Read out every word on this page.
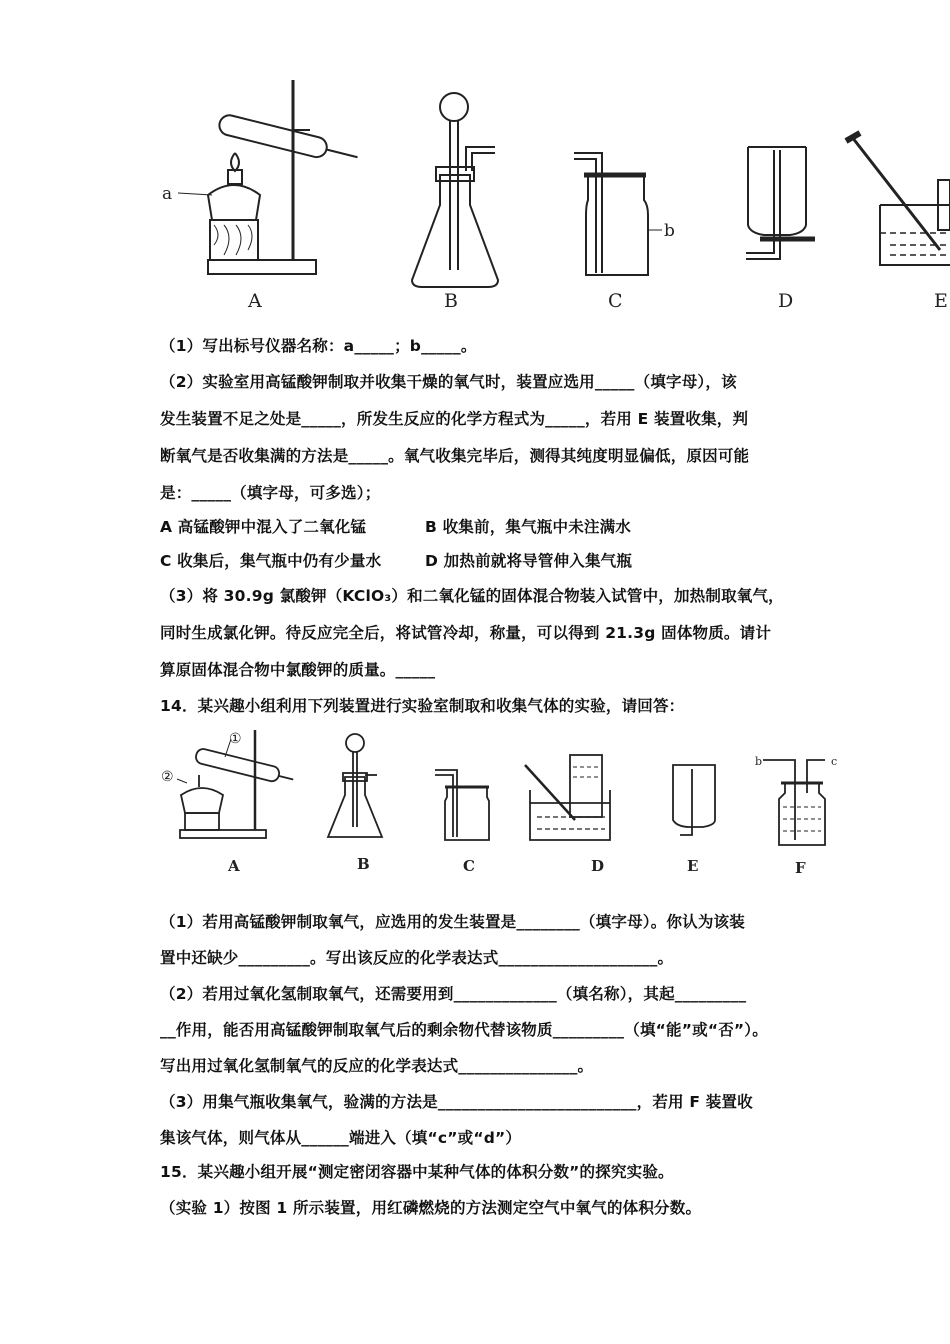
a
b
A	B	C	D	E
（1）写出标号仪器名称：a_____；b_____。
（2）实验室用高锰酸钾制取并收集干燥的氧气时，装置应选用_____（填字母），该
发生装置不足之处是_____，所发生反应的化学方程式为_____，若用 E 装置收集，判
断氧气是否收集满的方法是_____。氧气收集完毕后，测得其纯度明显偏低，原因可能
是：_____（填字母，可多选）；
A 高锰酸钾中混入了二氧化锰	B 收集前，集气瓶中未注满水
C 收集后，集气瓶中仍有少量水	D 加热前就将导管伸入集气瓶
（3）将 30.9g 氯酸钾（KClO₃）和二氧化锰的固体混合物装入试管中，加热制取氧气，
同时生成氯化钾。待反应完全后，将试管冷却，称量，可以得到 21.3g 固体物质。请计
算原固体混合物中氯酸钾的质量。_____
14．某兴趣小组利用下列装置进行实验室制取和收集气体的实验，请回答：
①
②
b	c
A	B	C	D	E	F
（1）若用高锰酸钾制取氧气，应选用的发生装置是________（填字母）。你认为该装
置中还缺少_________。写出该反应的化学表达式____________________。
（2）若用过氧化氢制取氧气，还需要用到_____________（填名称），其起_________
__作用，能否用高锰酸钾制取氧气后的剩余物代替该物质_________（填“能”或“否”）。
写出用过氧化氢制氧气的反应的化学表达式_______________。
（3）用集气瓶收集氧气，验满的方法是_________________________，若用 F 装置收
集该气体，则气体从______端进入（填“c”或“d”）
15．某兴趣小组开展“测定密闭容器中某种气体的体积分数”的探究实验。
（实验 1）按图 1 所示装置，用红磷燃烧的方法测定空气中氧气的体积分数。
